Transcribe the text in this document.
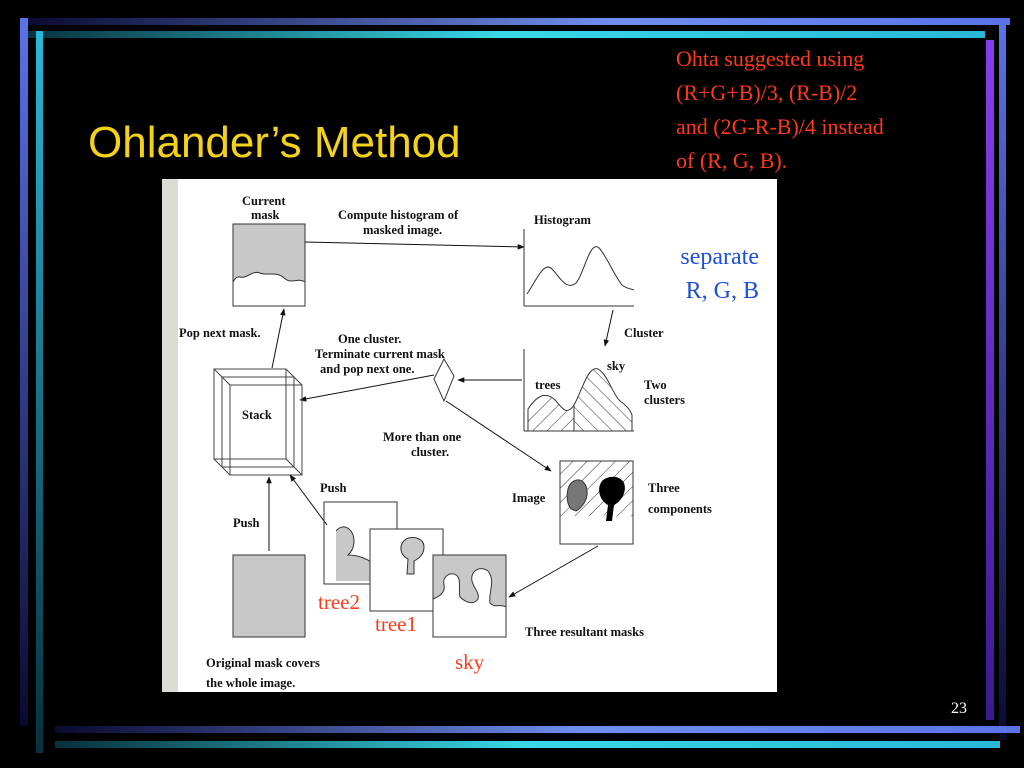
Ohlander’s Method
Ohta suggested using
(R+G+B)/3, (R-B)/2
and (2G-R-B)/4 instead
of (R, G, B).
Current
mask	Compute histogram of
masked image.
Histogram
Cluster
trees
sky
Two
clusters
One cluster.
Terminate current mask
and pop next one.
More than one
cluster.
Pop next mask.
Stack
Push
Push
Original mask covers
the whole image.
Image
Three
components
Three resultant masks
separate
R, G, B
tree2
tree1
sky
23
